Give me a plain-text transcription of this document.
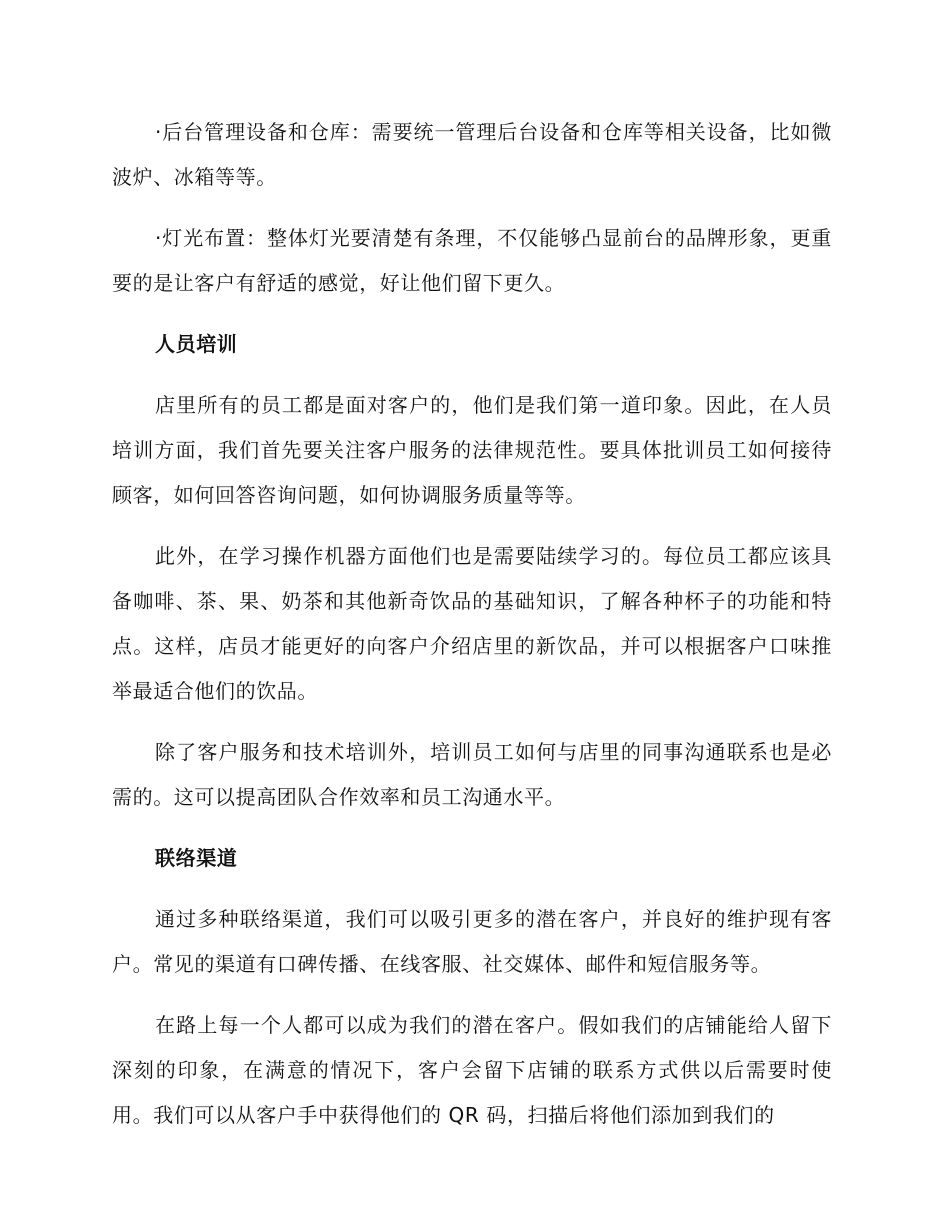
·后台管理设备和仓库：需要统一管理后台设备和仓库等相关设备，比如微波炉、冰箱等等。

·灯光布置：整体灯光要清楚有条理，不仅能够凸显前台的品牌形象，更重要的是让客户有舒适的感觉，好让他们留下更久。

人员培训

店里所有的员工都是面对客户的，他们是我们第一道印象。因此，在人员培训方面，我们首先要关注客户服务的法律规范性。要具体批训员工如何接待顾客，如何回答咨询问题，如何协调服务质量等等。

此外，在学习操作机器方面他们也是需要陆续学习的。每位员工都应该具备咖啡、茶、果、奶茶和其他新奇饮品的基础知识，了解各种杯子的功能和特点。这样，店员才能更好的向客户介绍店里的新饮品，并可以根据客户口味推举最适合他们的饮品。

除了客户服务和技术培训外，培训员工如何与店里的同事沟通联系也是必需的。这可以提高团队合作效率和员工沟通水平。

联络渠道

通过多种联络渠道，我们可以吸引更多的潜在客户，并良好的维护现有客户。常见的渠道有口碑传播、在线客服、社交媒体、邮件和短信服务等。

在路上每一个人都可以成为我们的潜在客户。假如我们的店铺能给人留下深刻的印象，在满意的情况下，客户会留下店铺的联系方式供以后需要时使用。我们可以从客户手中获得他们的 QR 码，扫描后将他们添加到我们的
